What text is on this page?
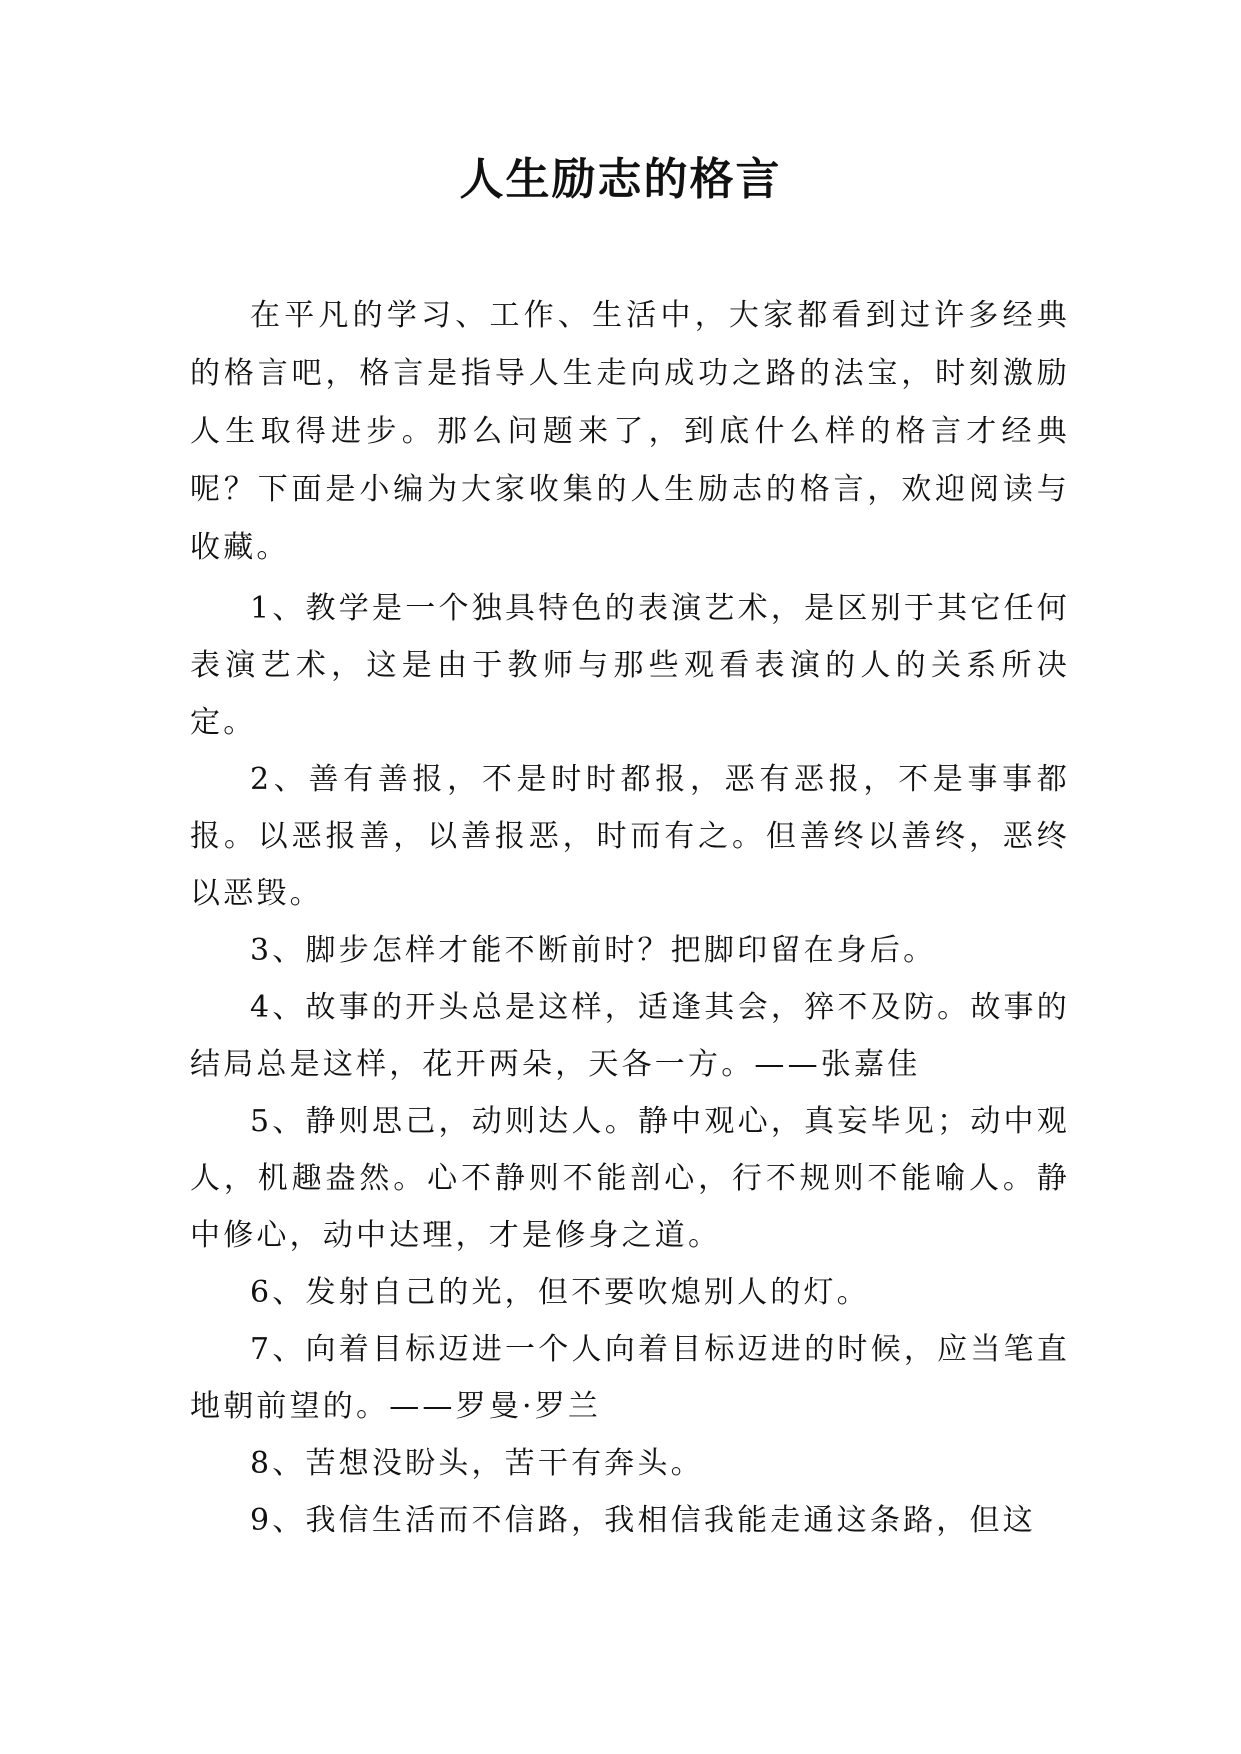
人生励志的格言

在平凡的学习、工作、生活中，大家都看到过许多经典的格言吧，格言是指导人生走向成功之路的法宝，时刻激励人生取得进步。那么问题来了，到底什么样的格言才经典呢？下面是小编为大家收集的人生励志的格言，欢迎阅读与收藏。

1、教学是一个独具特色的表演艺术，是区别于其它任何表演艺术，这是由于教师与那些观看表演的人的关系所决定。

2、善有善报，不是时时都报，恶有恶报，不是事事都报。以恶报善，以善报恶，时而有之。但善终以善终，恶终以恶毁。

3、脚步怎样才能不断前时？把脚印留在身后。

4、故事的开头总是这样，适逢其会，猝不及防。故事的结局总是这样，花开两朵，天各一方。——张嘉佳

5、静则思己，动则达人。静中观心，真妄毕见；动中观人，机趣盎然。心不静则不能剖心，行不规则不能喻人。静中修心，动中达理，才是修身之道。

6、发射自己的光，但不要吹熄别人的灯。

7、向着目标迈进一个人向着目标迈进的时候，应当笔直地朝前望的。——罗曼·罗兰

8、苦想没盼头，苦干有奔头。

9、我信生活而不信路，我相信我能走通这条路，但这
